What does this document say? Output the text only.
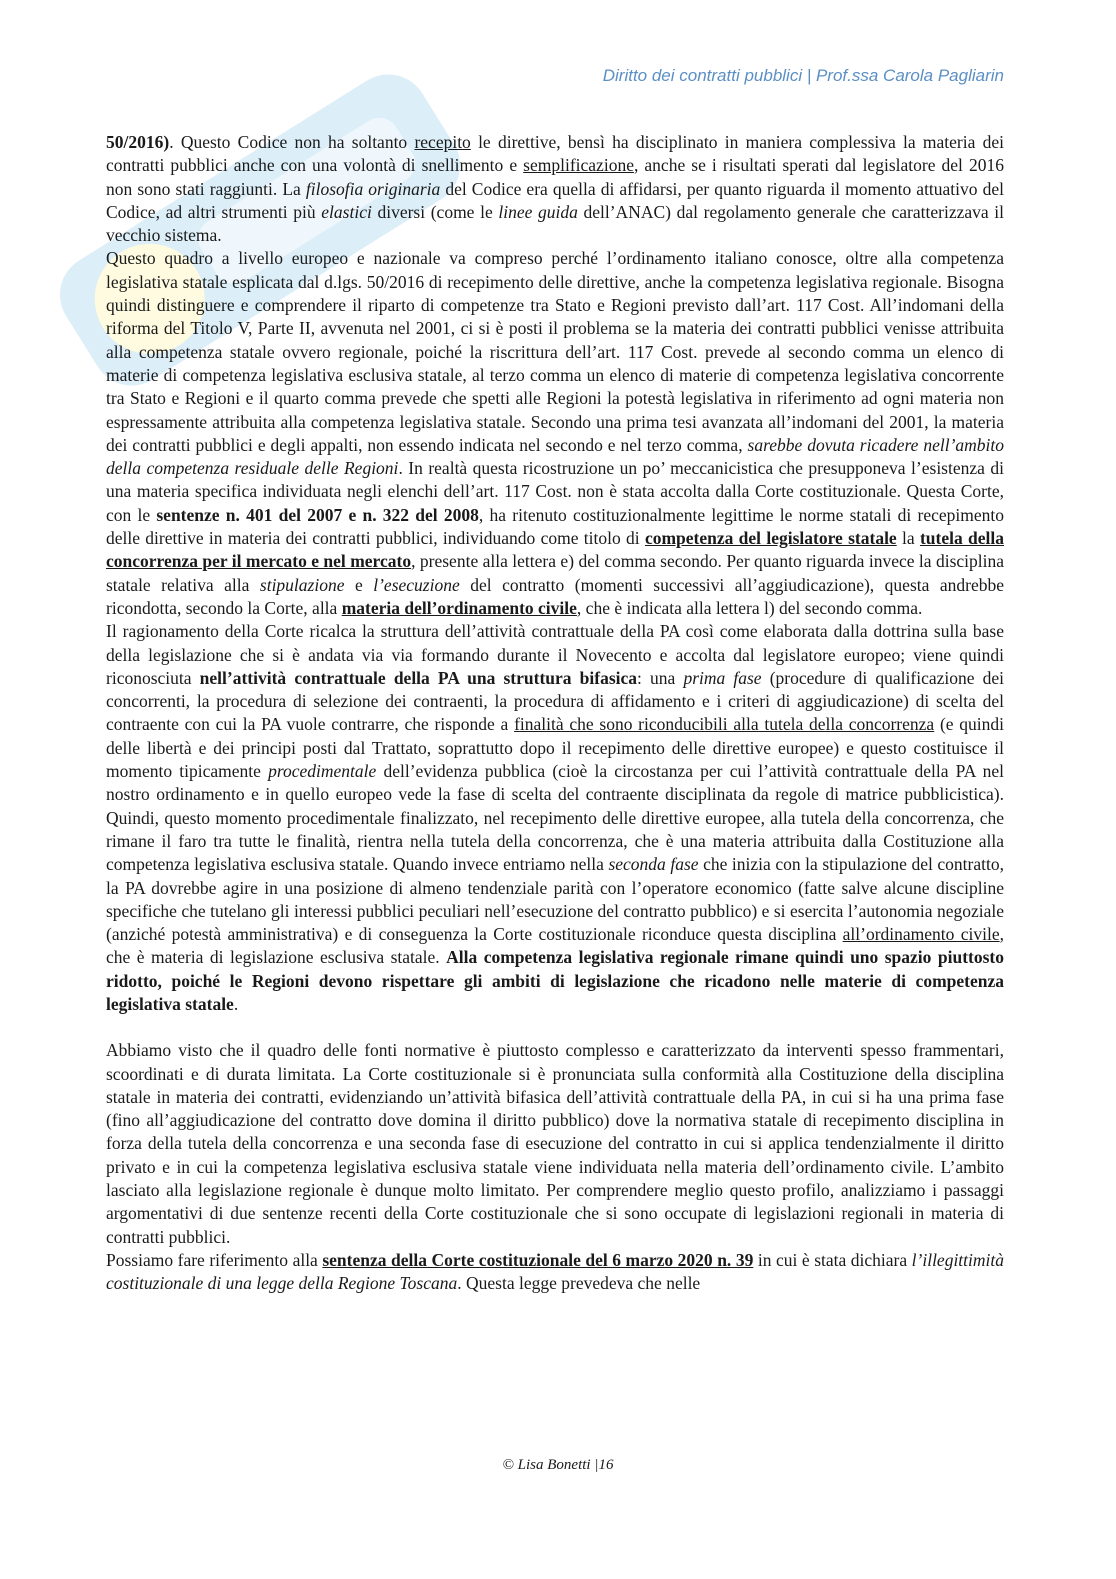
Diritto dei contratti pubblici | Prof.ssa Carola Pagliarin

50/2016). Questo Codice non ha soltanto recepito le direttive, bensì ha disciplinato in maniera complessiva la materia dei contratti pubblici anche con una volontà di snellimento e semplificazione, anche se i risultati sperati dal legislatore del 2016 non sono stati raggiunti. La filosofia originaria del Codice era quella di affidarsi, per quanto riguarda il momento attuativo del Codice, ad altri strumenti più elastici diversi (come le linee guida dell’ANAC) dal regolamento generale che caratterizzava il vecchio sistema.

Questo quadro a livello europeo e nazionale va compreso perché l’ordinamento italiano conosce, oltre alla competenza legislativa statale esplicata dal d.lgs. 50/2016 di recepimento delle direttive, anche la competenza legislativa regionale. Bisogna quindi distinguere e comprendere il riparto di competenze tra Stato e Regioni previsto dall’art. 117 Cost. All’indomani della riforma del Titolo V, Parte II, avvenuta nel 2001, ci si è posti il problema se la materia dei contratti pubblici venisse attribuita alla competenza statale ovvero regionale, poiché la riscrittura dell’art. 117 Cost. prevede al secondo comma un elenco di materie di competenza legislativa esclusiva statale, al terzo comma un elenco di materie di competenza legislativa concorrente tra Stato e Regioni e il quarto comma prevede che spetti alle Regioni la potestà legislativa in riferimento ad ogni materia non espressamente attribuita alla competenza legislativa statale. Secondo una prima tesi avanzata all’indomani del 2001, la materia dei contratti pubblici e degli appalti, non essendo indicata nel secondo e nel terzo comma, sarebbe dovuta ricadere nell’ambito della competenza residuale delle Regioni. In realtà questa ricostruzione un po’ meccanicistica che presupponeva l’esistenza di una materia specifica individuata negli elenchi dell’art. 117 Cost. non è stata accolta dalla Corte costituzionale. Questa Corte, con le sentenze n. 401 del 2007 e n. 322 del 2008, ha ritenuto costituzionalmente legittime le norme statali di recepimento delle direttive in materia dei contratti pubblici, individuando come titolo di competenza del legislatore statale la tutela della concorrenza per il mercato e nel mercato, presente alla lettera e) del comma secondo. Per quanto riguarda invece la disciplina statale relativa alla stipulazione e l’esecuzione del contratto (momenti successivi all’aggiudicazione), questa andrebbe ricondotta, secondo la Corte, alla materia dell’ordinamento civile, che è indicata alla lettera l) del secondo comma.

Il ragionamento della Corte ricalca la struttura dell’attività contrattuale della PA così come elaborata dalla dottrina sulla base della legislazione che si è andata via via formando durante il Novecento e accolta dal legislatore europeo; viene quindi riconosciuta nell’attività contrattuale della PA una struttura bifasica: una prima fase (procedure di qualificazione dei concorrenti, la procedura di selezione dei contraenti, la procedura di affidamento e i criteri di aggiudicazione) di scelta del contraente con cui la PA vuole contrarre, che risponde a finalità che sono riconducibili alla tutela della concorrenza (e quindi delle libertà e dei principi posti dal Trattato, soprattutto dopo il recepimento delle direttive europee) e questo costituisce il momento tipicamente procedimentale dell’evidenza pubblica (cioè la circostanza per cui l’attività contrattuale della PA nel nostro ordinamento e in quello europeo vede la fase di scelta del contraente disciplinata da regole di matrice pubblicistica). Quindi, questo momento procedimentale finalizzato, nel recepimento delle direttive europee, alla tutela della concorrenza, che rimane il faro tra tutte le finalità, rientra nella tutela della concorrenza, che è una materia attribuita dalla Costituzione alla competenza legislativa esclusiva statale. Quando invece entriamo nella seconda fase che inizia con la stipulazione del contratto, la PA dovrebbe agire in una posizione di almeno tendenziale parità con l’operatore economico (fatte salve alcune discipline specifiche che tutelano gli interessi pubblici peculiari nell’esecuzione del contratto pubblico) e si esercita l’autonomia negoziale (anziché potestà amministrativa) e di conseguenza la Corte costituzionale riconduce questa disciplina all’ordinamento civile, che è materia di legislazione esclusiva statale. Alla competenza legislativa regionale rimane quindi uno spazio piuttosto ridotto, poiché le Regioni devono rispettare gli ambiti di legislazione che ricadono nelle materie di competenza legislativa statale.

Abbiamo visto che il quadro delle fonti normative è piuttosto complesso e caratterizzato da interventi spesso frammentari, scoordinati e di durata limitata. La Corte costituzionale si è pronunciata sulla conformità alla Costituzione della disciplina statale in materia dei contratti, evidenziando un’attività bifasica dell’attività contrattuale della PA, in cui si ha una prima fase (fino all’aggiudicazione del contratto dove domina il diritto pubblico) dove la normativa statale di recepimento disciplina in forza della tutela della concorrenza e una seconda fase di esecuzione del contratto in cui si applica tendenzialmente il diritto privato e in cui la competenza legislativa esclusiva statale viene individuata nella materia dell’ordinamento civile. L’ambito lasciato alla legislazione regionale è dunque molto limitato. Per comprendere meglio questo profilo, analizziamo i passaggi argomentativi di due sentenze recenti della Corte costituzionale che si sono occupate di legislazioni regionali in materia di contratti pubblici.

Possiamo fare riferimento alla sentenza della Corte costituzionale del 6 marzo 2020 n. 39 in cui è stata dichiara l’illegittimità costituzionale di una legge della Regione Toscana. Questa legge prevedeva che nelle

© Lisa Bonetti |16
